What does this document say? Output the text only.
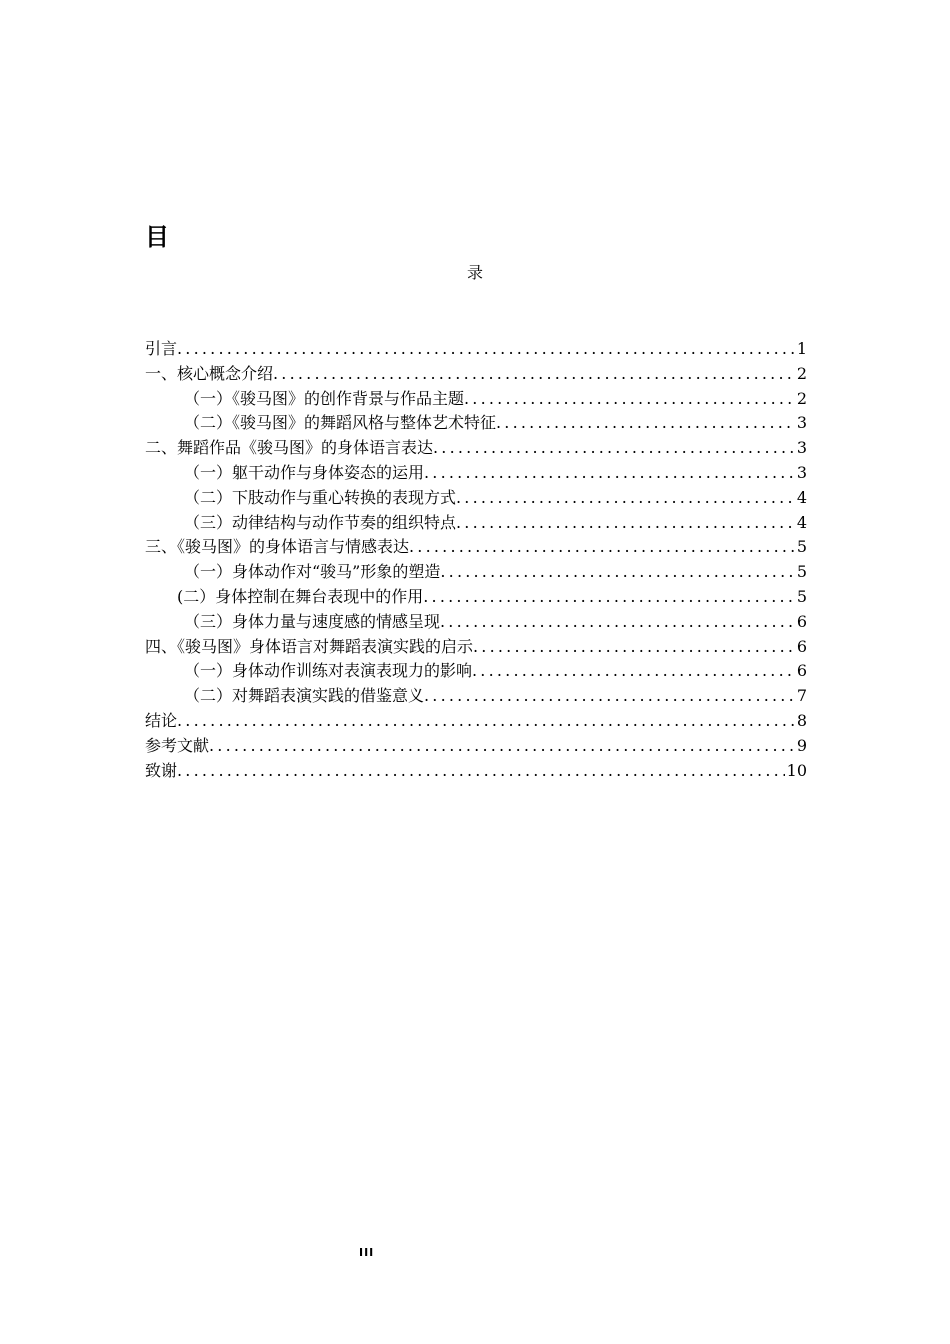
目
录
引言 .....	1
一、核心概念介绍 .....	2
（一）《骏马图》的创作背景与作品主题 .....	2
（二）《骏马图》的舞蹈风格与整体艺术特征 .....	3
二、舞蹈作品《骏马图》的身体语言表达 .....	3
（一）躯干动作与身体姿态的运用 .....	3
（二）下肢动作与重心转换的表现方式 .....	4
（三）动律结构与动作节奏的组织特点 .....	4
三、《骏马图》的身体语言与情感表达 .....	5
（一）身体动作对“骏马”形象的塑造 .....	5
(二）身体控制在舞台表现中的作用 .....	5
（三）身体力量与速度感的情感呈现 .....	6
四、《骏马图》身体语言对舞蹈表演实践的启示 .....	6
（一）身体动作训练对表演表现力的影响 .....	6
（二）对舞蹈表演实践的借鉴意义 .....	7
结论 .....	8
参考文献 .....	9
致谢 .....	10
III
